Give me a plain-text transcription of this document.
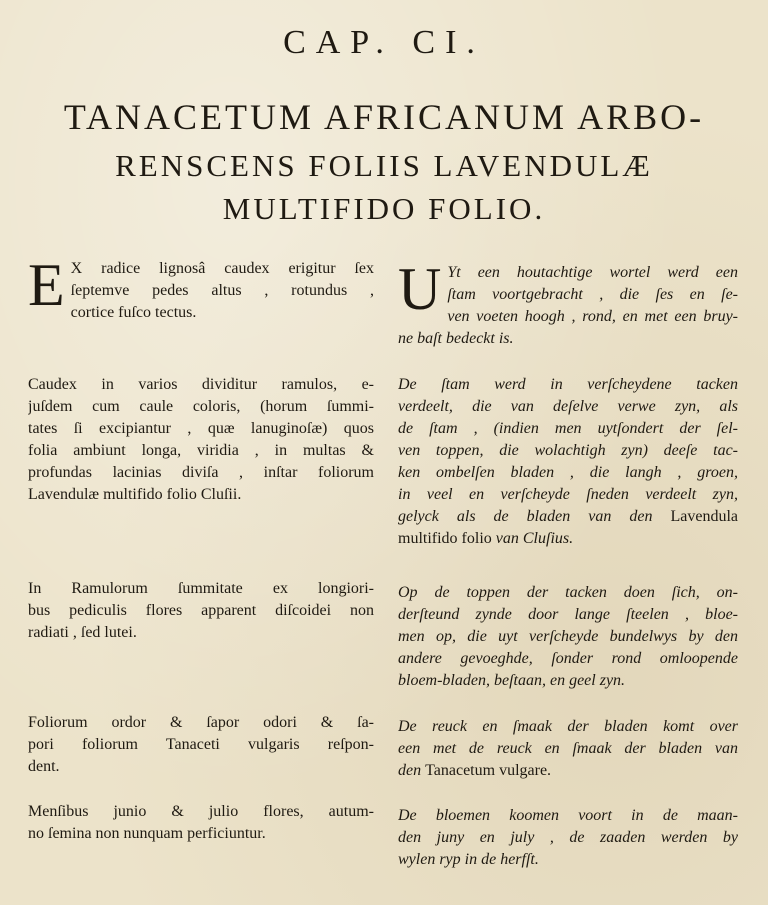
CAP. CI.
TANACETUM AFRICANUM ARBO-
RENSCENS FOLIIS LAVENDULÆ
MULTIFIDO FOLIO.
E X radice lignosâ caudex erigitur ſex
ſeptemve pedes altus , rotundus ,
cortice fuſco tectus.
Caudex in varios dividitur ramulos, e-
juſdem cum caule coloris, (horum ſummi-
tates ſi excipiantur , quæ lanuginoſæ) quos
folia ambiunt longa, viridia , in multas &
profundas lacinias diviſa , inſtar foliorum
Lavendulæ multifido folio Cluſii.
In Ramulorum ſummitate ex longiori-
bus pediculis flores apparent diſcoidei non
radiati , ſed lutei.
Foliorum ordor & ſapor odori & ſa-
pori foliorum Tanaceti vulgaris reſpon-
dent.
Menſibus junio & julio flores, autum-
no ſemina non nunquam perficiuntur.
U Yt een houtachtige wortel werd een
ſtam voortgebracht , die ſes en ſe-
ven voeten hoogh , rond, en met een bruy-
ne baſt bedeckt is.
De ſtam werd in verſcheydene tacken
verdeelt, die van deſelve verwe zyn, als
de ſtam , (indien men uytſondert der ſel-
ven toppen, die wolachtigh zyn) deeſe tac-
ken ombelſen bladen , die langh , groen,
in veel en verſcheyde ſneden verdeelt zyn,
gelyck als de bladen van den Lavendula
multifido folio van Cluſius.
Op de toppen der tacken doen ſich, on-
derſteund zynde door lange ſteelen , bloe-
men op, die uyt verſcheyde bundelwys by den
andere gevoeghde, ſonder rond omloopende
bloem-bladen, beſtaan, en geel zyn.
De reuck en ſmaak der bladen komt over
een met de reuck en ſmaak der bladen van
den Tanacetum vulgare.
De bloemen koomen voort in de maan-
den juny en july , de zaaden werden by
wylen ryp in de herfſt.
